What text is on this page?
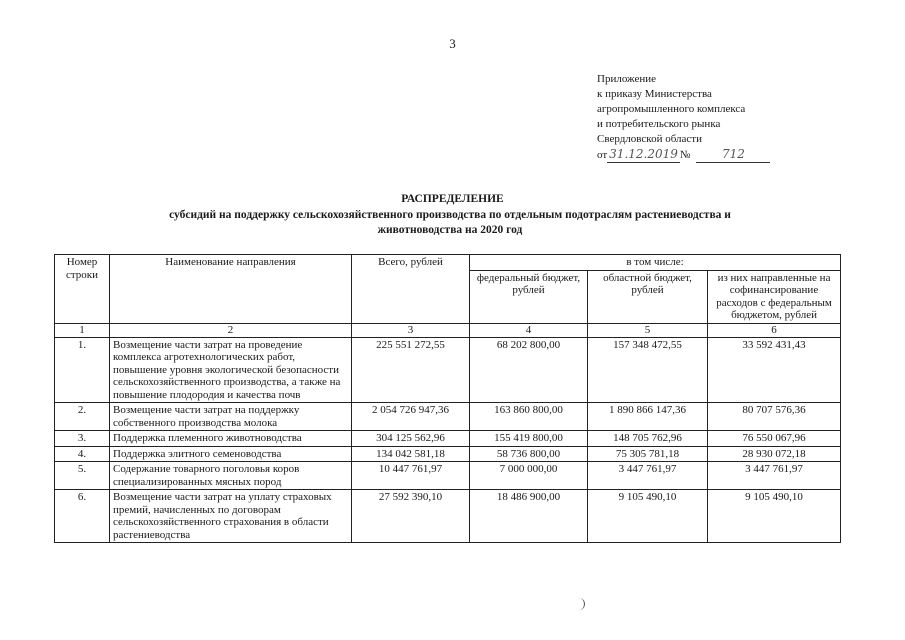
3
Приложение
к приказу Министерства
агропромышленного комплекса
и потребительского рынка
Свердловской области
от 31.12.2019 №	712
РАСПРЕДЕЛЕНИЕ
субсидий на поддержку сельскохозяйственного производства по отдельным подотраслям растениеводства и животноводства на 2020 год
Номер строки	Наименование направления	Всего, рублей	в том числе:		
			федеральный бюджет, рублей	областной бюджет, рублей	из них направленные на софинансирование расходов с федеральным бюджетом, рублей
1	2	3	4	5	6
1.	Возмещение части затрат на проведение комплекса агротехнологических работ, повышение уровня экологической безопасности сельскохозяйственного производства, а также на повышение плодородия и качества почв	225 551 272,55	68 202 800,00	157 348 472,55	33 592 431,43
2.	Возмещение части затрат на поддержку собственного производства молока	2 054 726 947,36	163 860 800,00	1 890 866 147,36	80 707 576,36
3.	Поддержка племенного животноводства	304 125 562,96	155 419 800,00	148 705 762,96	76 550 067,96
4.	Поддержка элитного семеноводства	134 042 581,18	58 736 800,00	75 305 781,18	28 930 072,18
5.	Содержание товарного поголовья коров специализированных мясных пород	10 447 761,97	7 000 000,00	3 447 761,97	3 447 761,97
6.	Возмещение части затрат на уплату страховых премий, начисленных по договорам сельскохозяйственного страхования в области растениеводства	27 592 390,10	18 486 900,00	9 105 490,10	9 105 490,10
